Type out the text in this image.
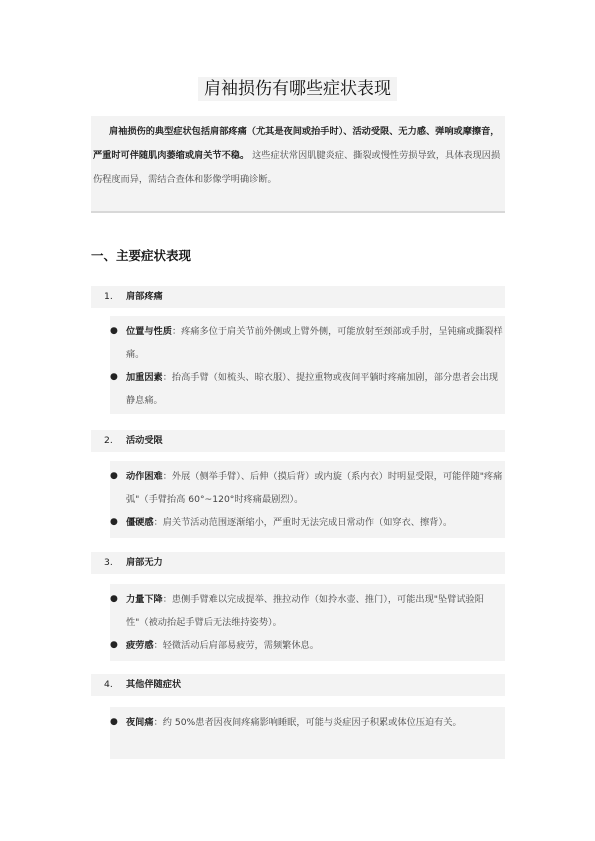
肩袖损伤有哪些症状表现
肩袖损伤的典型症状包括肩部疼痛（尤其是夜间或抬手时）、活动受限、无力感、弹响或摩擦音，严重时可伴随肌肉萎缩或肩关节不稳。 这些症状常因肌腱炎症、撕裂或慢性劳损导致，具体表现因损伤程度而异，需结合查体和影像学明确诊断。
一、主要症状表现
1. 肩部疼痛
● 位置与性质：疼痛多位于肩关节前外侧或上臂外侧，可能放射至颈部或手肘，呈钝痛或撕裂样痛。
● 加重因素：抬高手臂（如梳头、晾衣服）、提拉重物或夜间平躺时疼痛加剧，部分患者会出现静息痛。
2. 活动受限
● 动作困难：外展（侧举手臂）、后伸（摸后背）或内旋（系内衣）时明显受限，可能伴随"疼痛弧"（手臂抬高 60°~120°时疼痛最剧烈）。
● 僵硬感：肩关节活动范围逐渐缩小，严重时无法完成日常动作（如穿衣、擦背）。
3. 肩部无力
● 力量下降：患侧手臂难以完成提举、推拉动作（如拎水壶、推门），可能出现"坠臂试验阳性"（被动抬起手臂后无法维持姿势）。
● 疲劳感：轻微活动后肩部易疲劳，需频繁休息。
4. 其他伴随症状
● 夜间痛：约 50%患者因夜间疼痛影响睡眠，可能与炎症因子积累或体位压迫有关。
